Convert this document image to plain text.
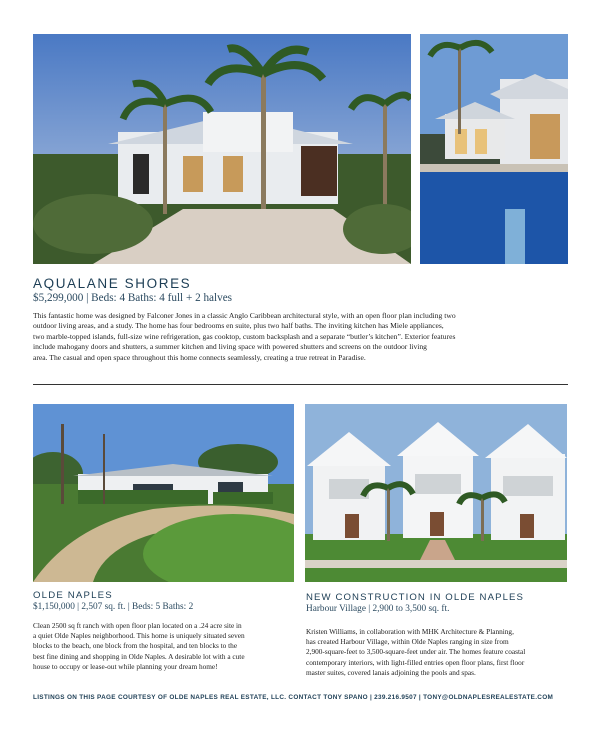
AQUALANE SHORES
$5,299,000 | Beds: 4 Baths: 4 full + 2 halves

This fantastic home was designed by Falconer Jones in a classic Anglo Caribbean architectural style, with an open floor plan including two

outdoor living areas, and a study. The home has four bedrooms en suite, plus two half baths. The inviting kitchen has Miele appliances,

two marble-topped islands, full-size wine refrigeration, gas cooktop, custom backsplash and a separate “butler’s kitchen”. Exterior features

include mahogany doors and shutters, a summer kitchen and living space with powered shutters and screens on the outdoor living

area. The casual and open space throughout this home connects seamlessly, creating a true retreat in Paradise.

OLDE NAPLES
$1,150,000 | 2,507 sq. ft. | Beds: 5 Baths: 2

Clean 2500 sq ft ranch with open floor plan located on a .24 acre site in

a quiet Olde Naples neighborhood. This home is uniquely situated seven

blocks to the beach, one block from the hospital, and ten blocks to the

best fine dining and shopping in Olde Naples. A desirable lot with a cute

house to occupy or lease-out while planning your dream home!

NEW CONSTRUCTION IN OLDE NAPLES
Harbour Village | 2,900 to 3,500 sq. ft.

Kristen Williams, in collaboration with MHK Architecture & Planning,

has created Harbour Village, within Olde Naples ranging in size from

2,900-square-feet to 3,500-square-feet under air. The homes feature coastal

contemporary interiors, with light-filled entries open floor plans, first floor

master suites, covered lanais adjoining the pools and spas.

LISTINGS ON THIS PAGE COURTESY OF OLDE NAPLES REAL ESTATE, LLC. CONTACT TONY SPANO | 239.216.9507 | TONY@OLDNAPLESREALESTATE.COM
